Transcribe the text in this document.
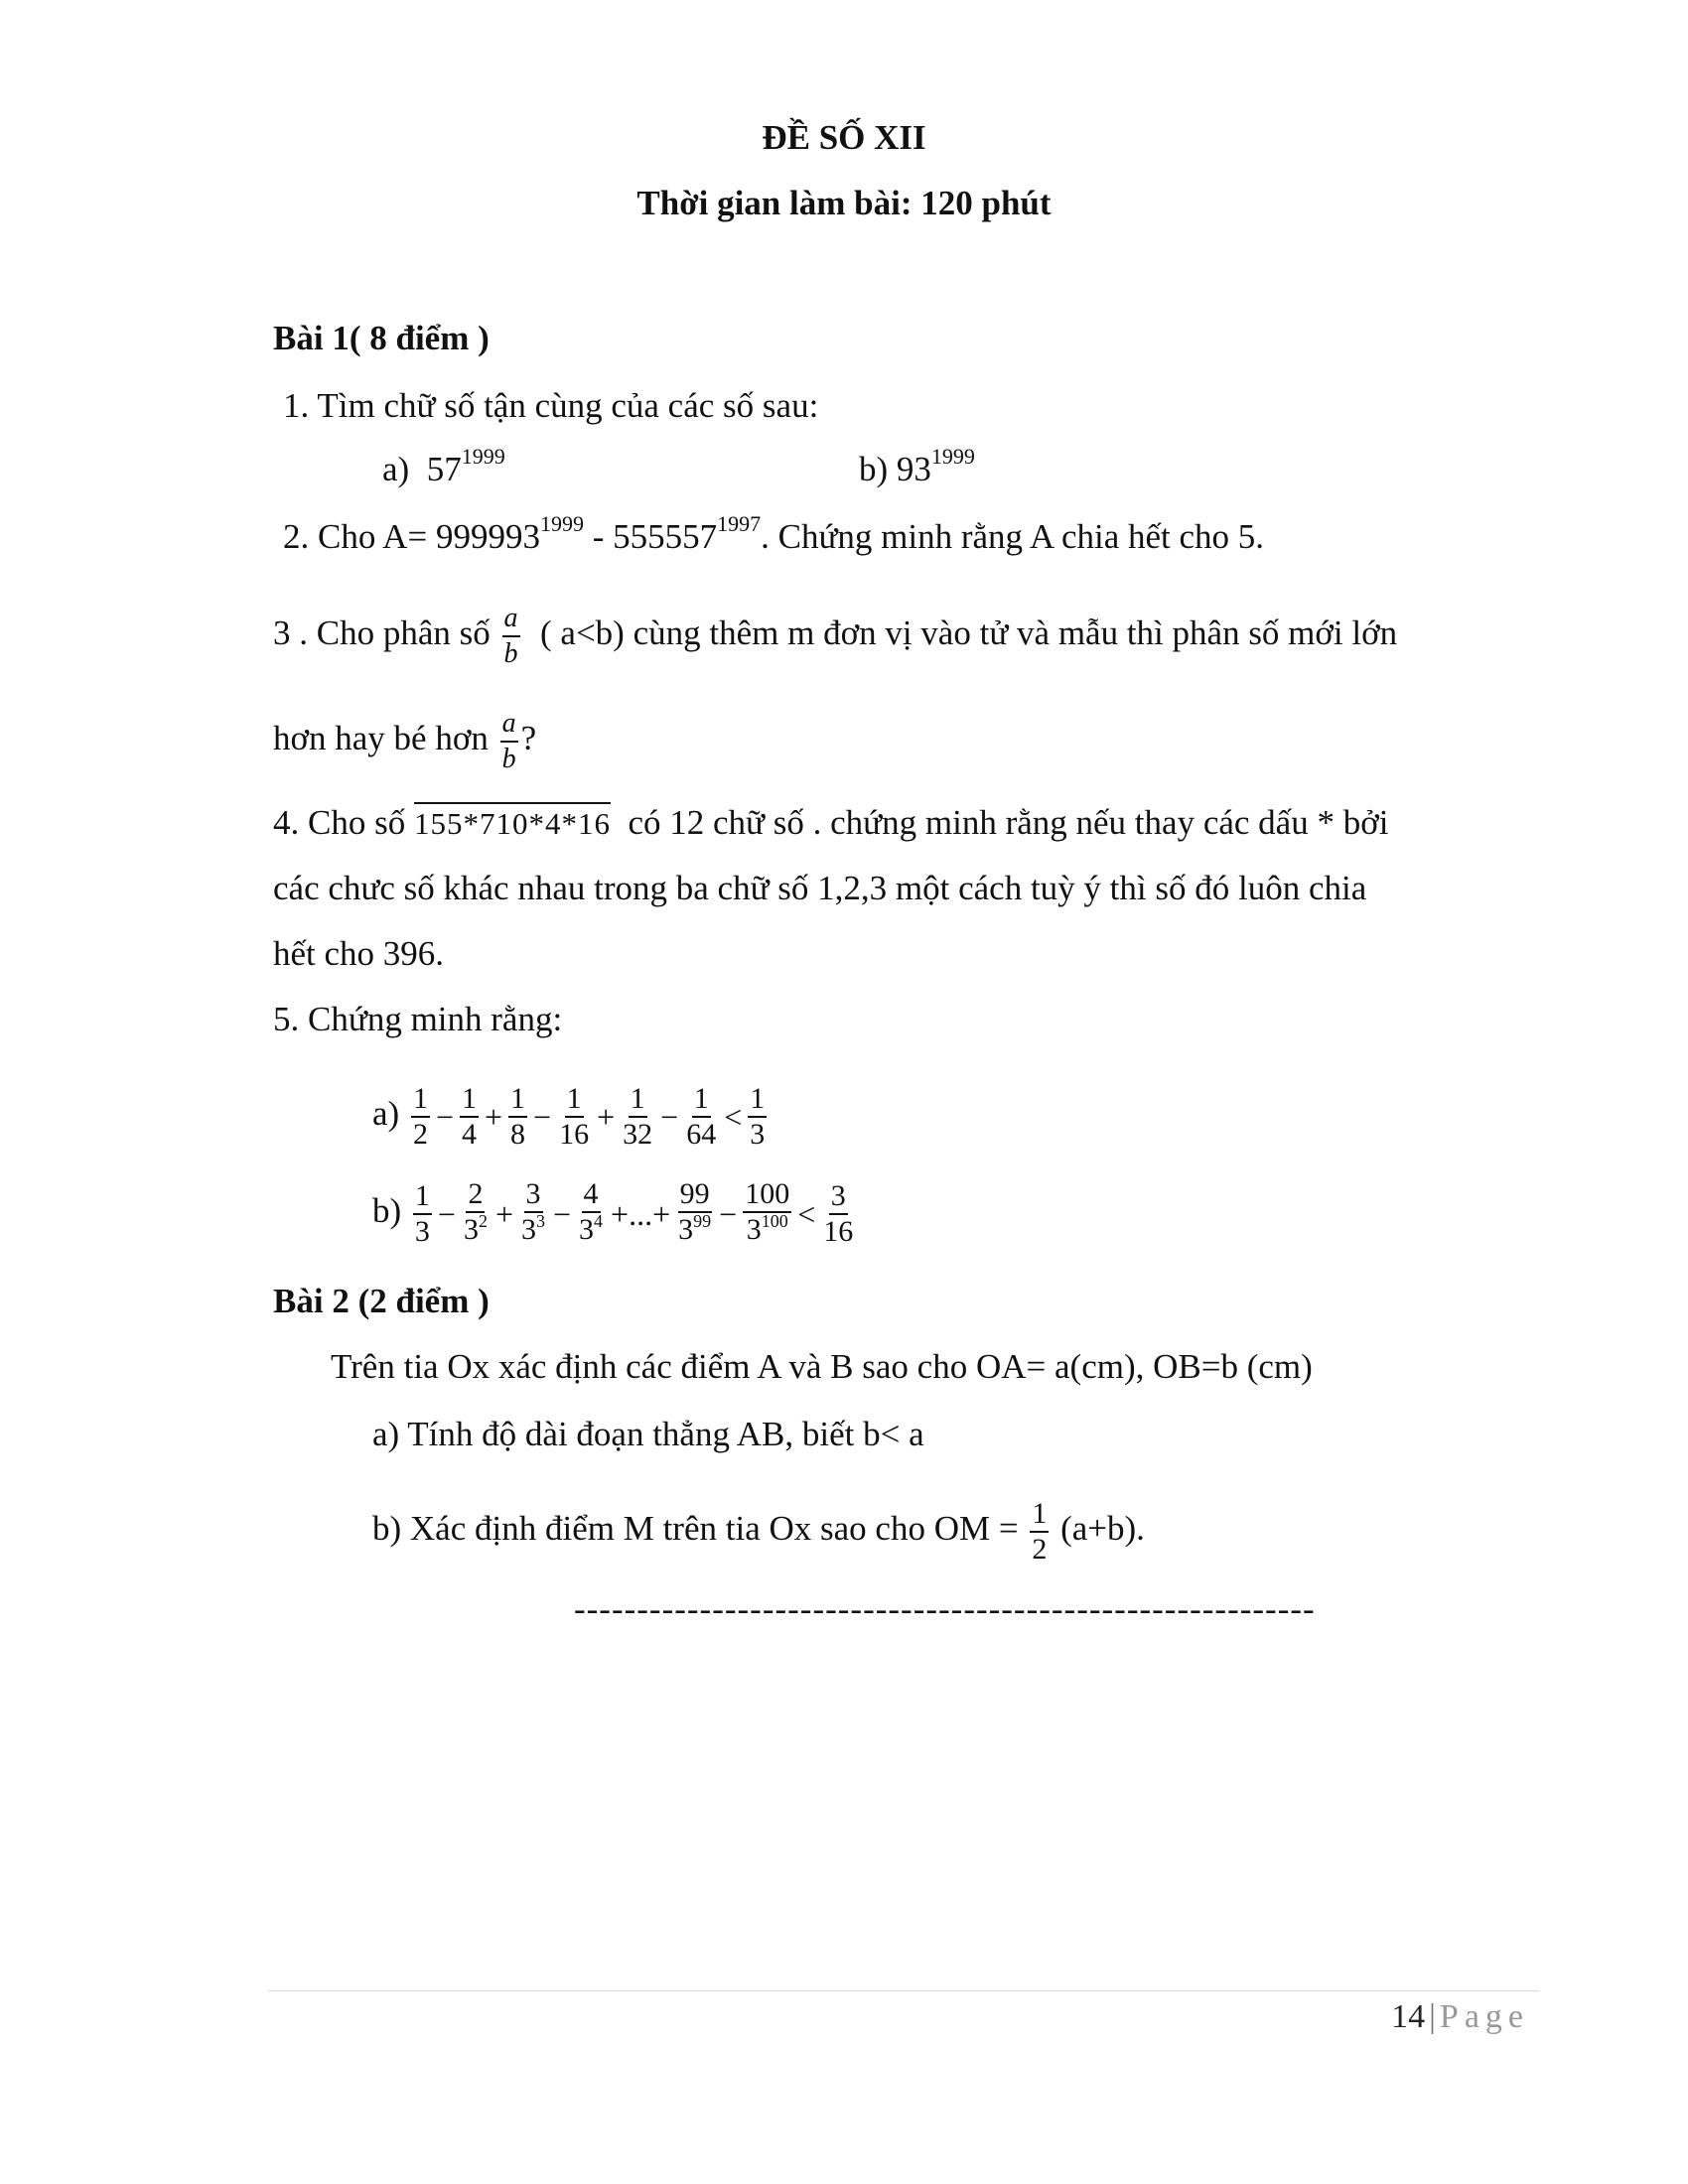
ĐỀ SỐ XII
Thời gian làm bài: 120 phút
Bài 1( 8 điểm )
1. Tìm chữ số tận cùng của các số sau:
a) $57^{1999}$	b) $93^{1999}$
2. Cho $A= 999993^{1999} - 555557^{1997}$. Chứng minh rằng A chia hết cho 5.
3 . Cho phân số $\frac{a}{b}$ ( a<b) cùng thêm m đơn vị vào tử và mẫu thì phân số mới lớn
hơn hay bé hơn $\frac{a}{b}$ ?
4. Cho số 155*710*4*16 có 12 chữ số . chứng minh rằng nếu thay các dấu * bởi
các chưc số khác nhau trong ba chữ số 1,2,3 một cách tuỳ ý thì số đó luôn chia
hết cho 396.
5. Chứng minh rằng:
$a) \frac{1}{2} - \frac{1}{4} + \frac{1}{8} - \frac{1}{16} + \frac{1}{32} - \frac{1}{64} < \frac{1}{3}$
$b) \frac{1}{3} - \frac{2}{3^2} + \frac{3}{3^3} - \frac{4}{3^4}$ +...+ $\frac{99}{3^{99}} - \frac{100}{3^{100}} < \frac{3}{16}$
Bài 2 (2 điểm )
Trên tia Ox xác định các điểm A và B sao cho OA= a(cm), OB=b (cm)
a) Tính độ dài đoạn thẳng AB, biết b< a
b) Xác định điểm M trên tia Ox sao cho OM = $\frac{1}{2} (a+b)$.
-----------------------------------------------------------
14 | Page
